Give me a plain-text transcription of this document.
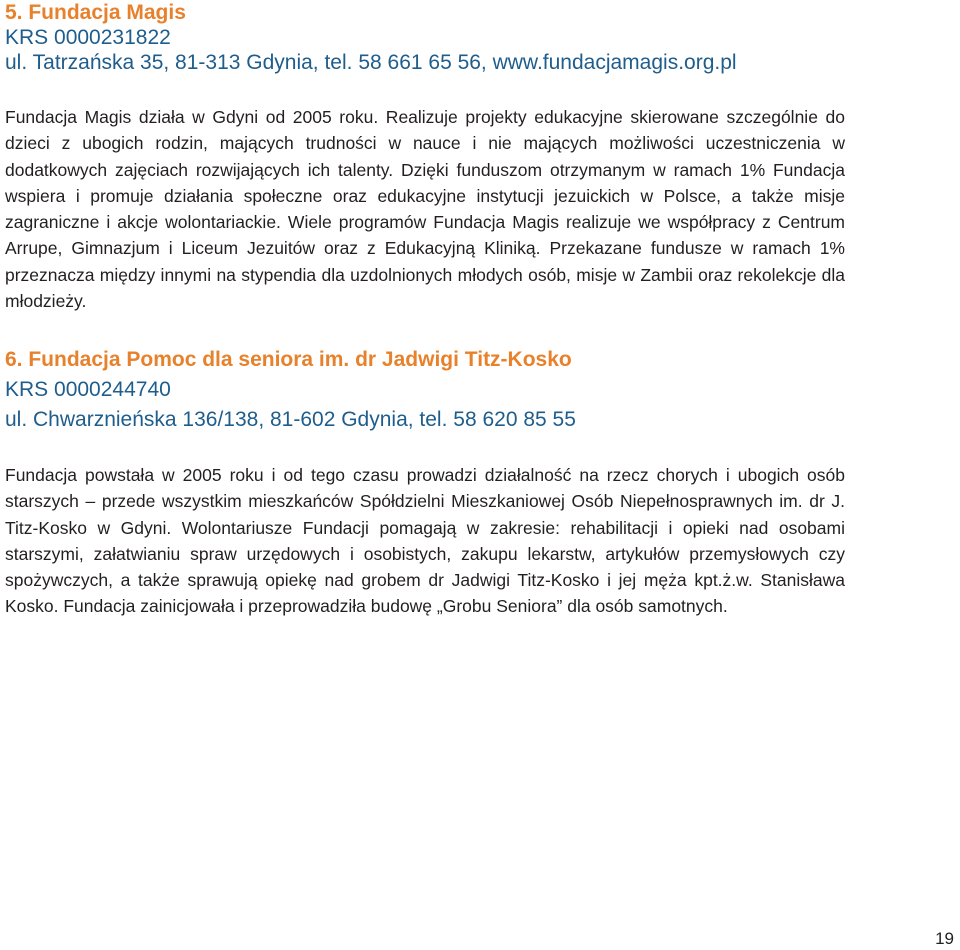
5. Fundacja Magis

KRS 0000231822

ul. Tatrzańska 35, 81-313 Gdynia, tel. 58 661 65 56, www.fundacjamagis.org.pl

Fundacja Magis działa w Gdyni od 2005 roku. Realizuje projekty edukacyjne skierowane szczególnie do dzieci z ubogich rodzin, mających trudności w nauce i nie mających możliwości uczestniczenia w dodatkowych zajęciach rozwijających ich talenty. Dzięki funduszom otrzymanym w ramach 1% Fundacja wspiera i promuje działania społeczne oraz edukacyjne instytucji jezuickich w Polsce, a także misje zagraniczne i akcje wolontariackie. Wiele programów Fundacja Magis realizuje we współpracy z Centrum Arrupe, Gimnazjum i Liceum Jezuitów oraz z Edukacyjną Kliniką. Przekazane fundusze w ramach 1% przeznacza między innymi na stypendia dla uzdolnionych młodych osób, misje w Zambii oraz rekolekcje dla młodzieży.

6. Fundacja Pomoc dla seniora im. dr Jadwigi Titz-Kosko

KRS 0000244740

ul. Chwarznieńska 136/138, 81-602 Gdynia, tel. 58 620 85 55

Fundacja powstała w 2005 roku i od tego czasu prowadzi działalność na rzecz chorych i ubogich osób starszych – przede wszystkim mieszkańców Spółdzielni Mieszkaniowej Osób Niepełnosprawnych im. dr J. Titz-Kosko w Gdyni. Wolontariusze Fundacji pomagają w zakresie: rehabilitacji i opieki nad osobami starszymi, załatwianiu spraw urzędowych i osobistych, zakupu lekarstw, artykułów przemysłowych czy spożywczych, a także sprawują opiekę nad grobem dr Jadwigi Titz-Kosko i jej męża kpt.ż.w. Stanisława Kosko. Fundacja zainicjowała i przeprowadziła budowę „Grobu Seniora” dla osób samotnych.

19
